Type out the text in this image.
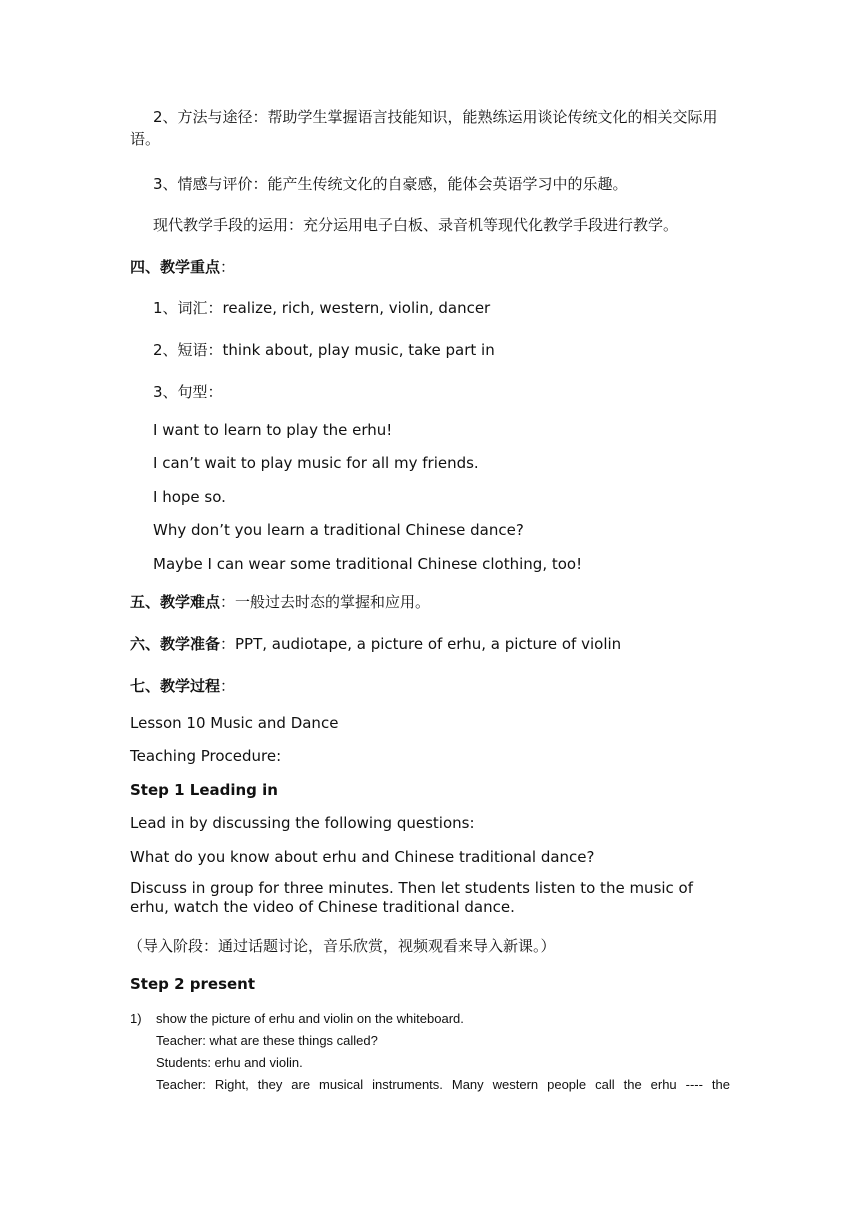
2、方法与途径：帮助学生掌握语言技能知识，能熟练运用谈论传统文化的相关交际用语。

3、情感与评价：能产生传统文化的自豪感，能体会英语学习中的乐趣。

现代教学手段的运用：充分运用电子白板、录音机等现代化教学手段进行教学。

四、教学重点：

1、词汇：realize, rich, western, violin, dancer

2、短语：think about, play music, take part in

3、句型：

I want to learn to play the erhu!

I can’t wait to play music for all my friends.

I hope so.

Why don’t you learn a traditional Chinese dance?

Maybe I can wear some traditional Chinese clothing, too!

五、教学难点：一般过去时态的掌握和应用。

六、教学准备：PPT, audiotape, a picture of erhu, a picture of violin

七、教学过程：

Lesson 10 Music and Dance

Teaching Procedure:

Step 1 Leading in

Lead in by discussing the following questions:

What do you know about erhu and Chinese traditional dance?

Discuss in group for three minutes. Then let students listen to the music of erhu, watch the video of Chinese traditional dance.

（导入阶段：通过话题讨论，音乐欣赏，视频观看来导入新课。）

Step 2 present

1) show the picture of erhu and violin on the whiteboard.

Teacher: what are these things called?

Students: erhu and violin.

Teacher: Right, they are musical instruments. Many western people call the erhu ---- the
